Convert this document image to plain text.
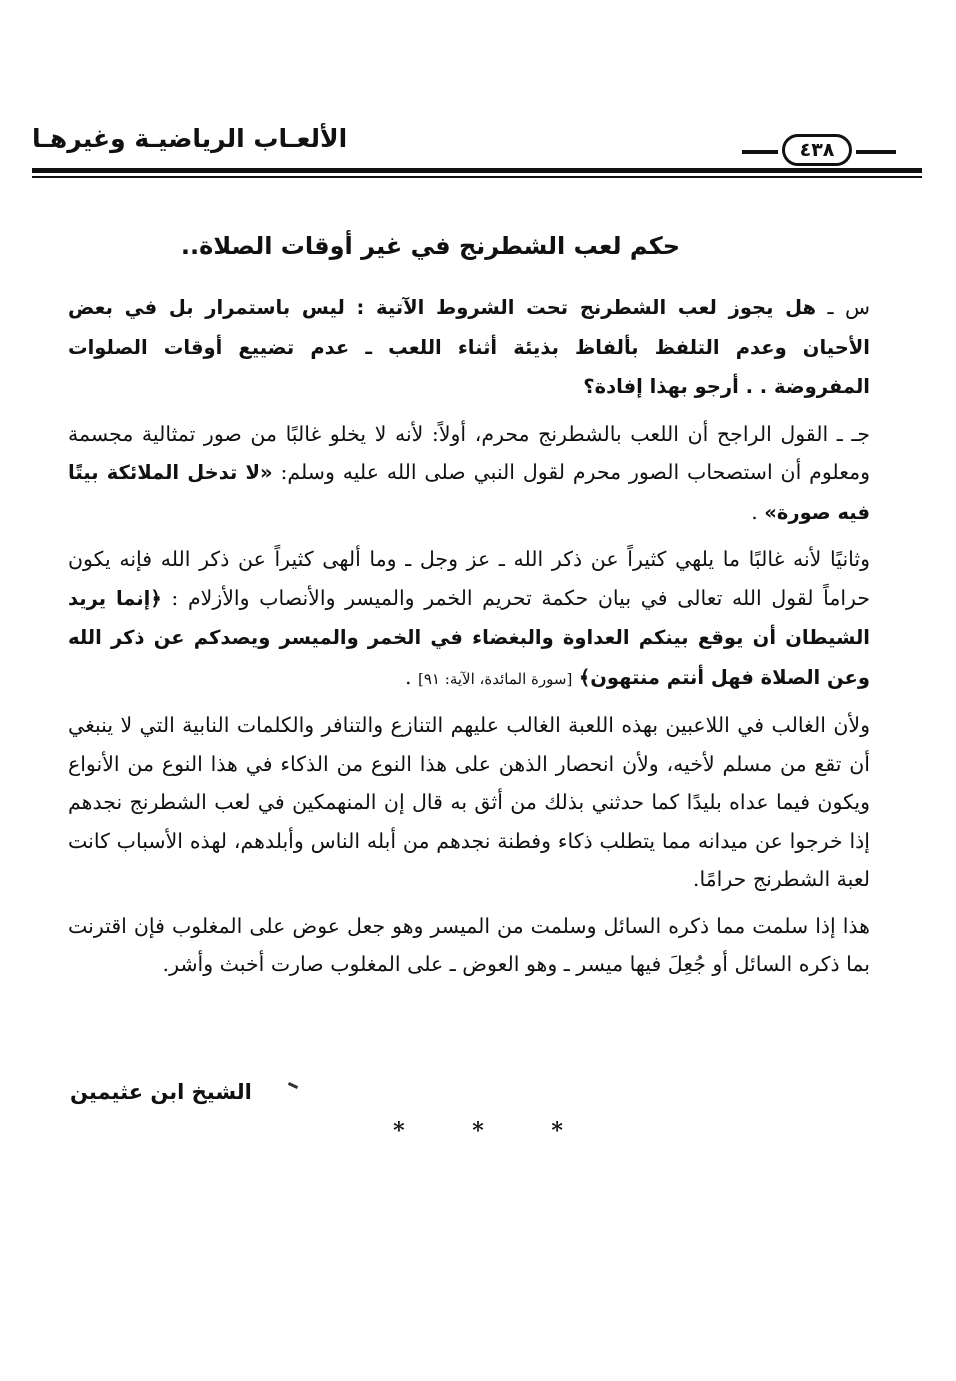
الألعـاب الرياضيـة وغيرهـا	٤٣٨
حكم لعب الشطرنج في غير أوقات الصلاة..

س ـ هل يجوز لعب الشطرنج تحت الشروط الآتية : ليس باستمرار بل في بعض الأحيان وعدم التلفظ بألفاظ بذيئة أثناء اللعب ـ عدم تضييع أوقات الصلوات المفروضة . . أرجو بهذا إفادة؟

جـ ـ القول الراجح أن اللعب بالشطرنج محرم، أولاً: لأنه لا يخلو غالبًا من صور تمثالية مجسمة ومعلوم أن استصحاب الصور محرم لقول النبي صلى الله عليه وسلم: «لا تدخل الملائكة بيتًا فيه صورة» .

وثانيًا لأنه غالبًا ما يلهي كثيراً عن ذكر الله ـ عز وجل ـ وما ألهى كثيراً عن ذكر الله فإنه يكون حراماً لقول الله تعالى في بيان حكمة تحريم الخمر والميسر والأنصاب والأزلام : ﴿إنما يريد الشيطان أن يوقع بينكم العداوة والبغضاء في الخمر والميسر ويصدكم عن ذكر الله وعن الصلاة فهل أنتم منتهون﴾ [سورة المائدة، الآية: ٩١] .

ولأن الغالب في اللاعبين بهذه اللعبة الغالب عليهم التنازع والتنافر والكلمات النابية التي لا ينبغي أن تقع من مسلم لأخيه، ولأن انحصار الذهن على هذا النوع من الذكاء في هذا النوع من الأنواع ويكون فيما عداه بليدًا كما حدثني بذلك من أثق به قال إن المنهمكين في لعب الشطرنج نجدهم إذا خرجوا عن ميدانه مما يتطلب ذكاء وفطنة نجدهم من أبله الناس وأبلدهم، لهذه الأسباب كانت لعبة الشطرنج حرامًا.

هذا إذا سلمت مما ذكره السائل وسلمت من الميسر وهو جعل عوض على المغلوب فإن اقترنت بما ذكره السائل أو جُعِلَ فيها ميسر ـ وهو العوض ـ على المغلوب صارت أخبث وأشر.

الشيخ ابن عثيمين
* * *
